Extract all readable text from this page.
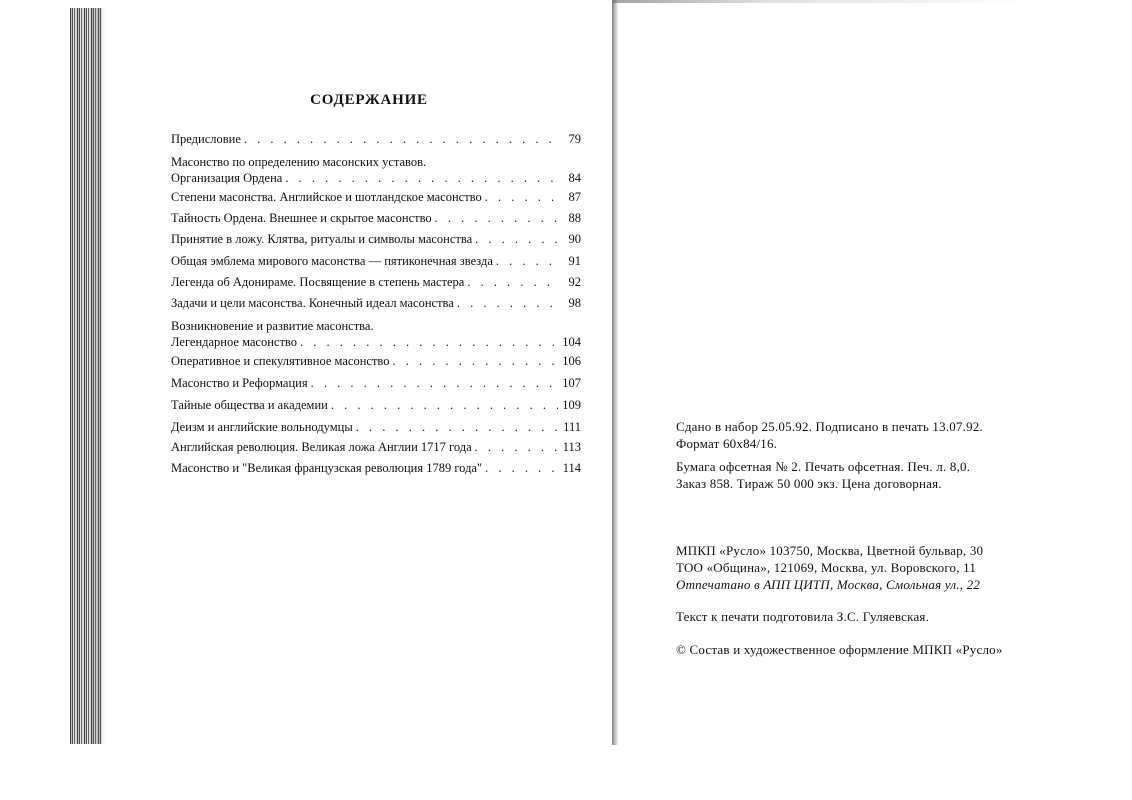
СОДЕРЖАНИЕ
Предисловие . . .	79
Масонство по определению масонских уставов.
Организация Ордена . . .	84
Степени масонства. Английское и шотландское масонство . . .	87
Тайность Ордена. Внешнее и скрытое масонство . . .	88
Принятие в ложу. Клятва, ритуалы и символы масонства . . .	90
Общая эмблема мирового масонства — пятиконечная звезда . . .	91
Легенда об Адонираме. Посвящение в степень мастера . . .	92
Задачи и цели масонства. Конечный идеал масонства . . .	98
Возникновение и развитие масонства.
Легендарное масонство . . .	104
Оперативное и спекулятивное масонство . . .	106
Масонство и Реформация . . .	107
Тайные общества и академии . . .	109
Деизм и английские вольнодумцы . . .	111
Английская революция. Великая ложа Англии 1717 года . . .	113
Масонство и "Великая французская революция 1789 года" . . .	114
Сдано в набор 25.05.92. Подписано в печать 13.07.92.
Формат 60х84/16.
Бумага офсетная № 2. Печать офсетная. Печ. л. 8,0.
Заказ 858. Тираж 50 000 экз. Цена договорная.
МПКП «Русло» 103750, Москва, Цветной бульвар, 30
ТОО «Община», 121069, Москва, ул. Воровского, 11
Отпечатано в АПП ЦИТП, Москва, Смольная ул., 22
Текст к печати подготовила З.С. Гуляевская.
© Состав и художественное оформление МПКП «Русло»
